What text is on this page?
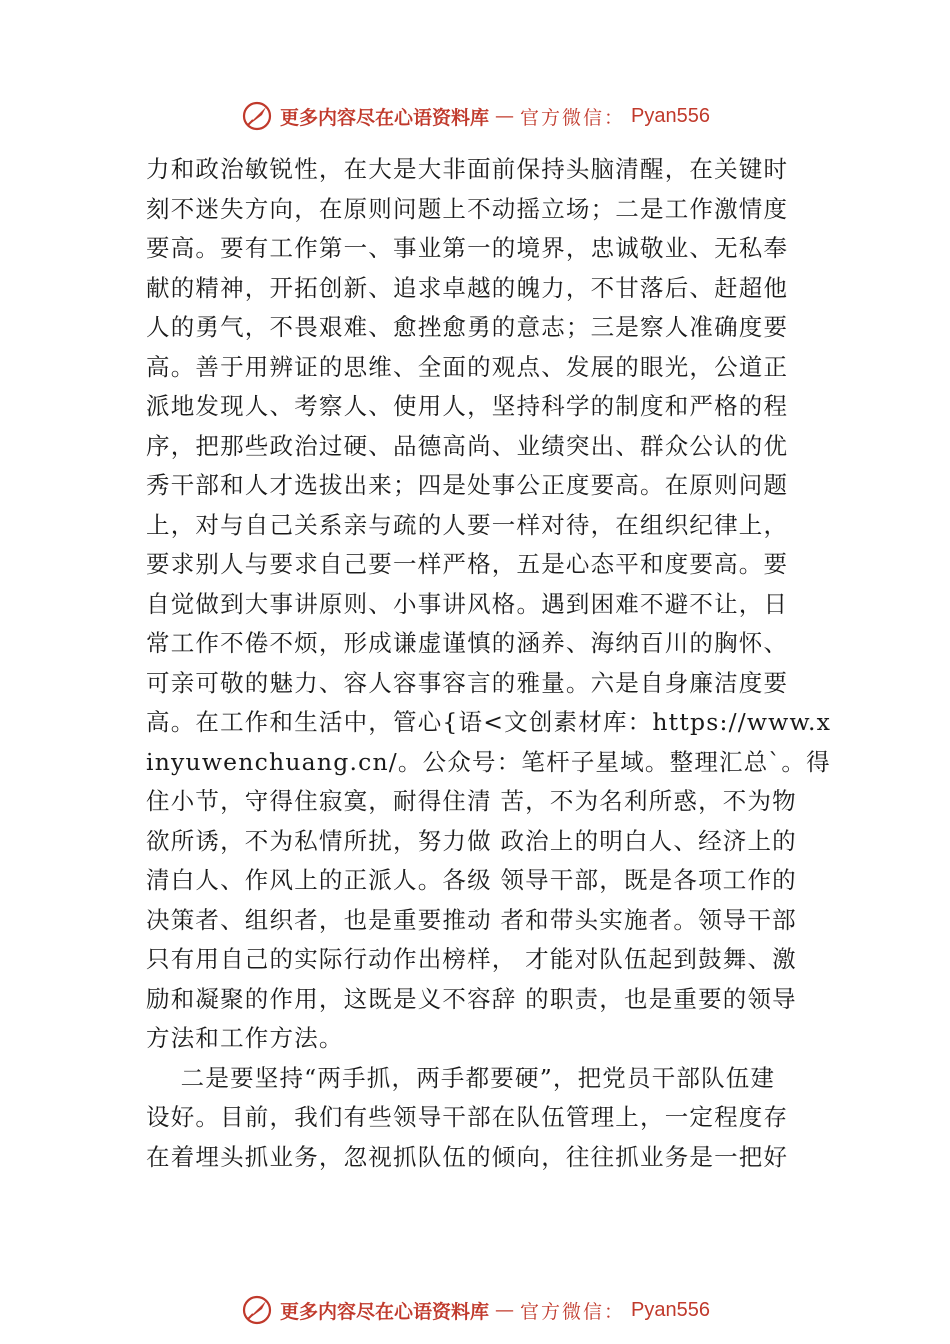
更多内容尽在心语资料库 — 官方微信： Pyan556
力和政治敏锐性，在大是大非面前保持头脑清醒，在关键时
刻不迷失方向，在原则问题上不动摇立场；二是工作激情度
要高。要有工作第一、事业第一的境界，忠诚敬业、无私奉
献的精神，开拓创新、追求卓越的魄力，不甘落后、赶超他
人的勇气，不畏艰难、愈挫愈勇的意志；三是察人准确度要
高。善于用辨证的思维、全面的观点、发展的眼光，公道正
派地发现人、考察人、使用人，坚持科学的制度和严格的程
序，把那些政治过硬、品德高尚、业绩突出、群众公认的优
秀干部和人才选拔出来；四是处事公正度要高。在原则问题
上，对与自己关系亲与疏的人要一样对待，在组织纪律上，
要求别人与要求自己要一样严格，五是心态平和度要高。要
自觉做到大事讲原则、小事讲风格。遇到困难不避不让，日
常工作不倦不烦，形成谦虚谨慎的涵养、海纳百川的胸怀、
可亲可敬的魅力、容人容事容言的雅量。六是自身廉洁度要
高。在工作和生活中，管心{语<文创素材库：https://www.x
inyuwenchuang.cn/。公众号：笔杆子星域。整理汇总`。得
住小节，守得住寂寞，耐得住清 苦，不为名利所惑，不为物
欲所诱，不为私情所扰，努力做 政治上的明白人、经济上的
清白人、作风上的正派人。各级 领导干部，既是各项工作的
决策者、组织者，也是重要推动 者和带头实施者。领导干部
只有用自己的实际行动作出榜样， 才能对队伍起到鼓舞、激
励和凝聚的作用，这既是义不容辞 的职责，也是重要的领导
方法和工作方法。
二是要坚持“两手抓，两手都要硬”，把党员干部队伍建
设好。目前，我们有些领导干部在队伍管理上，一定程度存
在着埋头抓业务，忽视抓队伍的倾向，往往抓业务是一把好
更多内容尽在心语资料库 — 官方微信： Pyan556
